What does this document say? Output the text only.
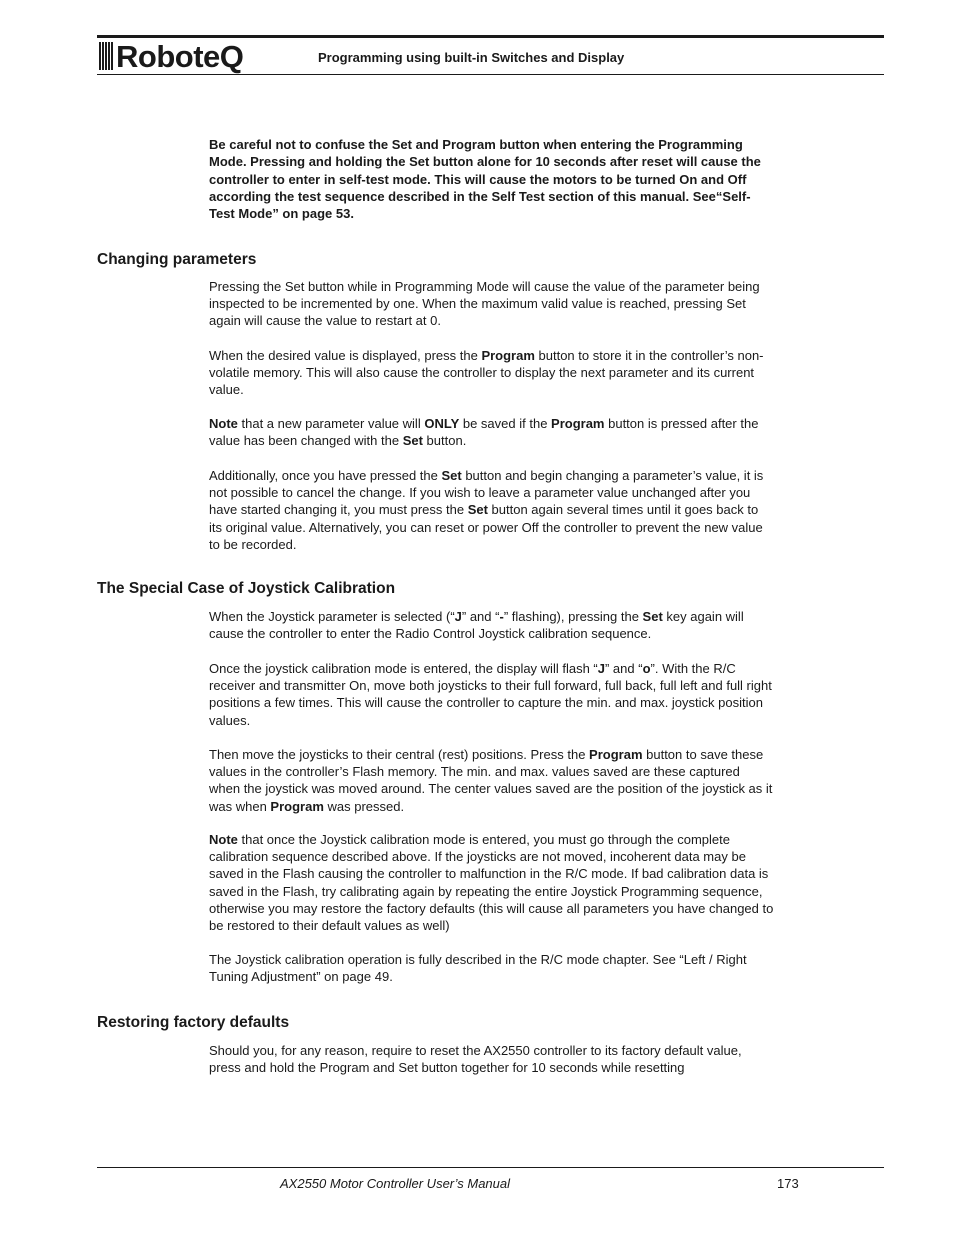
RoboteQ	Programming using built-in Switches and Display

Be careful not to confuse the Set and Program button when entering the Programming Mode. Pressing and holding the Set button alone for 10 seconds after reset will cause the controller to enter in self-test mode. This will cause the motors to be turned On and Off according the test sequence described in the Self Test section of this manual. See“Self-Test Mode” on page 53.

Changing parameters

Pressing the Set button while in Programming Mode will cause the value of the parameter being inspected to be incremented by one. When the maximum valid value is reached, pressing Set again will cause the value to restart at 0.

When the desired value is displayed, press the Program button to store it in the controller’s non-volatile memory. This will also cause the controller to display the next parameter and its current value.

Note that a new parameter value will ONLY be saved if the Program button is pressed after the value has been changed with the Set button.

Additionally, once you have pressed the Set button and begin changing a parameter’s value, it is not possible to cancel the change. If you wish to leave a parameter value unchanged after you have started changing it, you must press the Set button again several times until it goes back to its original value. Alternatively, you can reset or power Off the controller to prevent the new value to be recorded.

The Special Case of Joystick Calibration

When the Joystick parameter is selected (“J” and “-” flashing), pressing the Set key again will cause the controller to enter the Radio Control Joystick calibration sequence.

Once the joystick calibration mode is entered, the display will flash “J” and “o”. With the R/C receiver and transmitter On, move both joysticks to their full forward, full back, full left and full right positions a few times. This will cause the controller to capture the min. and max. joystick position values.

Then move the joysticks to their central (rest) positions. Press the Program button to save these values in the controller’s Flash memory. The min. and max. values saved are these captured when the joystick was moved around. The center values saved are the position of the joystick as it was when Program was pressed.

Note that once the Joystick calibration mode is entered, you must go through the complete calibration sequence described above. If the joysticks are not moved, incoherent data may be saved in the Flash causing the controller to malfunction in the R/C mode. If bad calibration data is saved in the Flash, try calibrating again by repeating the entire Joystick Programming sequence, otherwise you may restore the factory defaults (this will cause all parameters you have changed to be restored to their default values as well)

The Joystick calibration operation is fully described in the R/C mode chapter. See “Left / Right Tuning Adjustment” on page 49.

Restoring factory defaults

Should you, for any reason, require to reset the AX2550 controller to its factory default value, press and hold the Program and Set button together for 10 seconds while resetting

AX2550 Motor Controller User’s Manual	173
